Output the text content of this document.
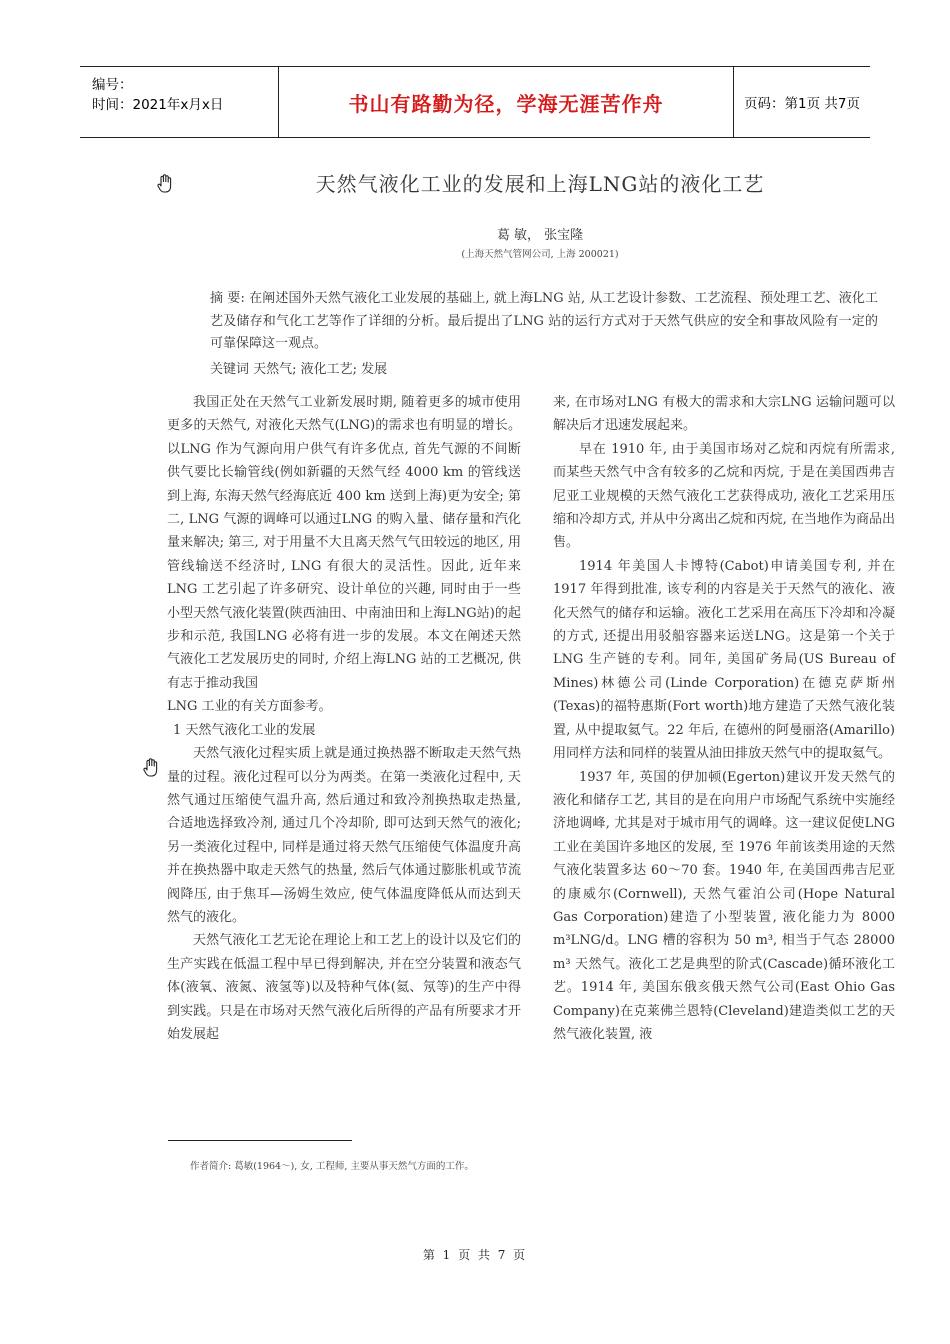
编号：
时间：2021年x月x日	书山有路勤为径，学海无涯苦作舟	页码：第1页 共7页
天然气液化工业的发展和上海LNG站的液化工艺
葛 敏， 张宝隆
(上海天然气管网公司, 上海 200021)
摘 要: 在阐述国外天然气液化工业发展的基础上, 就上海LNG 站, 从工艺设计参数、工艺流程、预处理工艺、液化工艺及储存和气化工艺等作了详细的分析。最后提出了LNG 站的运行方式对于天然气供应的安全和事故风险有一定的可靠保障这一观点。
关键词 天然气; 液化工艺; 发展

我国正处在天然气工业新发展时期, 随着更多的城市使用更多的天然气, 对液化天然气(LNG)的需求也有明显的增长。以LNG 作为气源向用户供气有许多优点, 首先气源的不间断供气要比长输管线(例如新疆的天然气经 4000 km 的管线送到上海, 东海天然气经海底近 400 km 送到上海)更为安全; 第二, LNG 气源的调峰可以通过LNG 的购入量、储存量和汽化量来解决; 第三, 对于用量不大且离天然气气田较远的地区, 用管线输送不经济时, LNG 有很大的灵活性。因此, 近年来LNG 工艺引起了许多研究、设计单位的兴趣, 同时由于一些小型天然气液化装置(陕西油田、中南油田和上海LNG站)的起步和示范, 我国LNG 必将有进一步的发展。本文在阐述天然气液化工艺发展历史的同时, 介绍上海LNG 站的工艺概况, 供有志于推动我国

LNG 工业的有关方面参考。

1 天然气液化工业的发展

天然气液化过程实质上就是通过换热器不断取走天然气热量的过程。液化过程可以分为两类。在第一类液化过程中, 天然气通过压缩使气温升高, 然后通过和致冷剂换热取走热量, 合适地选择致冷剂, 通过几个冷却阶, 即可达到天然气的液化; 另一类液化过程中, 同样是通过将天然气压缩使气体温度升高并在换热器中取走天然气的热量, 然后气体通过膨胀机或节流阀降压, 由于焦耳—汤姆生效应, 使气体温度降低从而达到天然气的液化。

天然气液化工艺无论在理论上和工艺上的设计以及它们的生产实践在低温工程中早已得到解决, 并在空分装置和液态气体(液氧、液氮、液氢等)以及特种气体(氦、氖等)的生产中得到实践。只是在市场对天然气液化后所得的产品有所要求才开始发展起

来, 在市场对LNG 有极大的需求和大宗LNG 运输问题可以解决后才迅速发展起来。

早在 1910 年, 由于美国市场对乙烷和丙烷有所需求, 而某些天然气中含有较多的乙烷和丙烷, 于是在美国西弗吉尼亚工业规模的天然气液化工艺获得成功, 液化工艺采用压缩和冷却方式, 并从中分离出乙烷和丙烷, 在当地作为商品出售。

1914 年美国人卡博特(Cabot)申请美国专利, 并在 1917 年得到批准, 该专利的内容是关于天然气的液化、液化天然气的储存和运输。液化工艺采用在高压下冷却和冷凝的方式, 还提出用驳船容器来运送LNG。这是第一个关于LNG 生产链的专利。同年, 美国矿务局(US Bureau of Mines)林德公司(Linde Corporation)在德克萨斯州(Texas)的福特惠斯(Fort worth)地方建造了天然气液化装置, 从中提取氦气。22 年后, 在德州的阿曼丽洛(Amarillo)用同样方法和同样的装置从油田排放天然气中的提取氦气。

1937 年, 英国的伊加顿(Egerton)建议开发天然气的液化和储存工艺, 其目的是在向用户市场配气系统中实施经济地调峰, 尤其是对于城市用气的调峰。这一建议促使LNG 工业在美国许多地区的发展, 至 1976 年前该类用途的天然气液化装置多达 60～70 套。1940 年, 在美国西弗吉尼亚的康威尔(Cornwell), 天然气霍泊公司(Hope Natural Gas Corporation)建造了小型装置, 液化能力为 8000 m³LNG/d。LNG 槽的容积为 50 m³, 相当于气态 28000 m³ 天然气。液化工艺是典型的阶式(Cascade)循环液化工艺。1914 年, 美国东俄亥俄天然气公司(East Ohio Gas Company)在克莱佛兰恩特(Cleveland)建造类似工艺的天然气液化装置, 液

作者简介: 葛敏(1964～), 女, 工程师, 主要从事天然气方面的工作。
第 1 页 共 7 页
